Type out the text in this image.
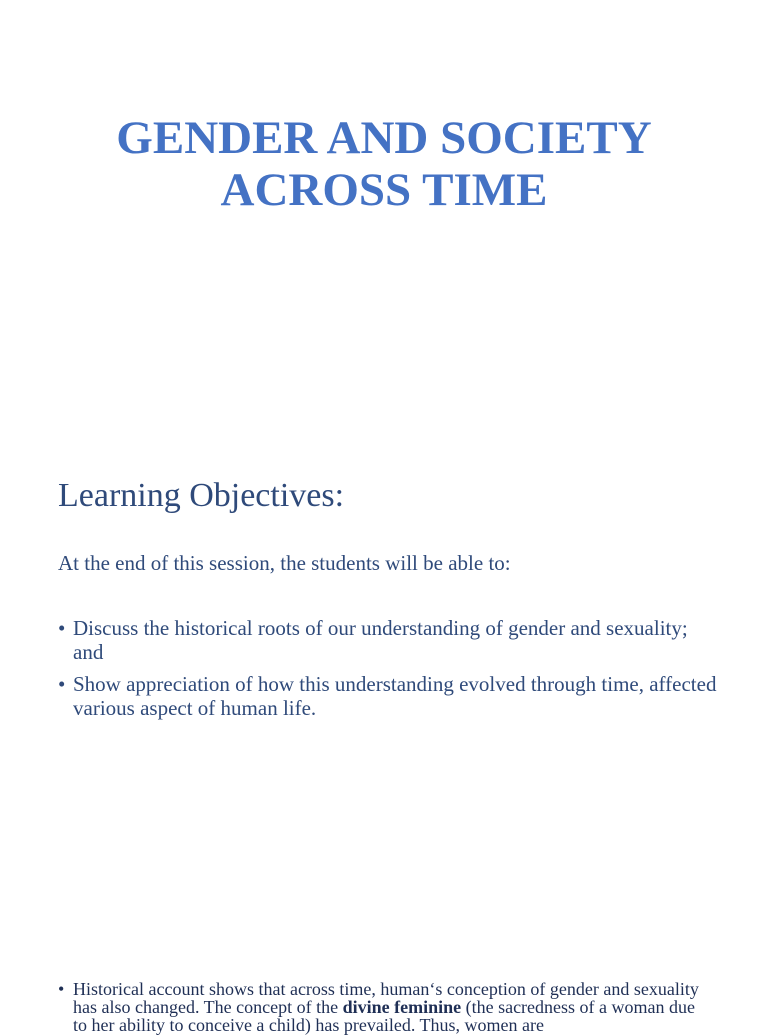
GENDER AND SOCIETY
ACROSS TIME
Learning Objectives:

At the end of this session, the students will be able to:

• Discuss the historical roots of our understanding of gender and sexuality; and
• Show appreciation of how this understanding evolved through time, affected various aspect of human life.
• Historical account shows that across time, human‘s conception of gender and sexuality has also changed. The concept of the divine feminine (the sacredness of a woman due to her ability to conceive a child) has prevailed. Thus, women are
